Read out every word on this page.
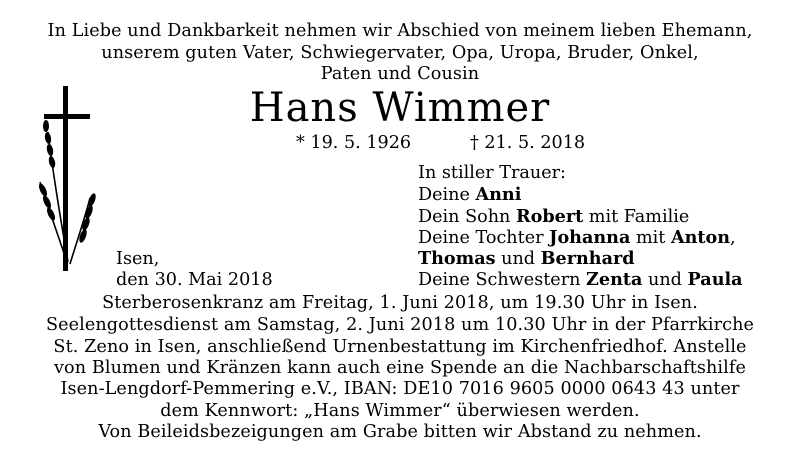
In Liebe und Dankbarkeit nehmen wir Abschied von meinem lieben Ehemann,
unserem guten Vater, Schwiegervater, Opa, Uropa, Bruder, Onkel,
Paten und Cousin
Hans Wimmer
* 19. 5. 1926	† 21. 5. 2018
In stiller Trauer:
Deine Anni
Dein Sohn Robert mit Familie
Deine Tochter Johanna mit Anton,
Thomas und Bernhard
Deine Schwestern Zenta und Paula
Isen,
den 30. Mai 2018
Sterberosenkranz am Freitag, 1. Juni 2018, um 19.30 Uhr in Isen.
Seelengottesdienst am Samstag, 2. Juni 2018 um 10.30 Uhr in der Pfarrkirche
St. Zeno in Isen, anschließend Urnenbestattung im Kirchenfriedhof. Anstelle
von Blumen und Kränzen kann auch eine Spende an die Nachbarschaftshilfe
Isen-Lengdorf-Pemmering e.V., IBAN: DE10 7016 9605 0000 0643 43 unter
dem Kennwort: „Hans Wimmer“ überwiesen werden.
Von Beileidsbezeigungen am Grabe bitten wir Abstand zu nehmen.
